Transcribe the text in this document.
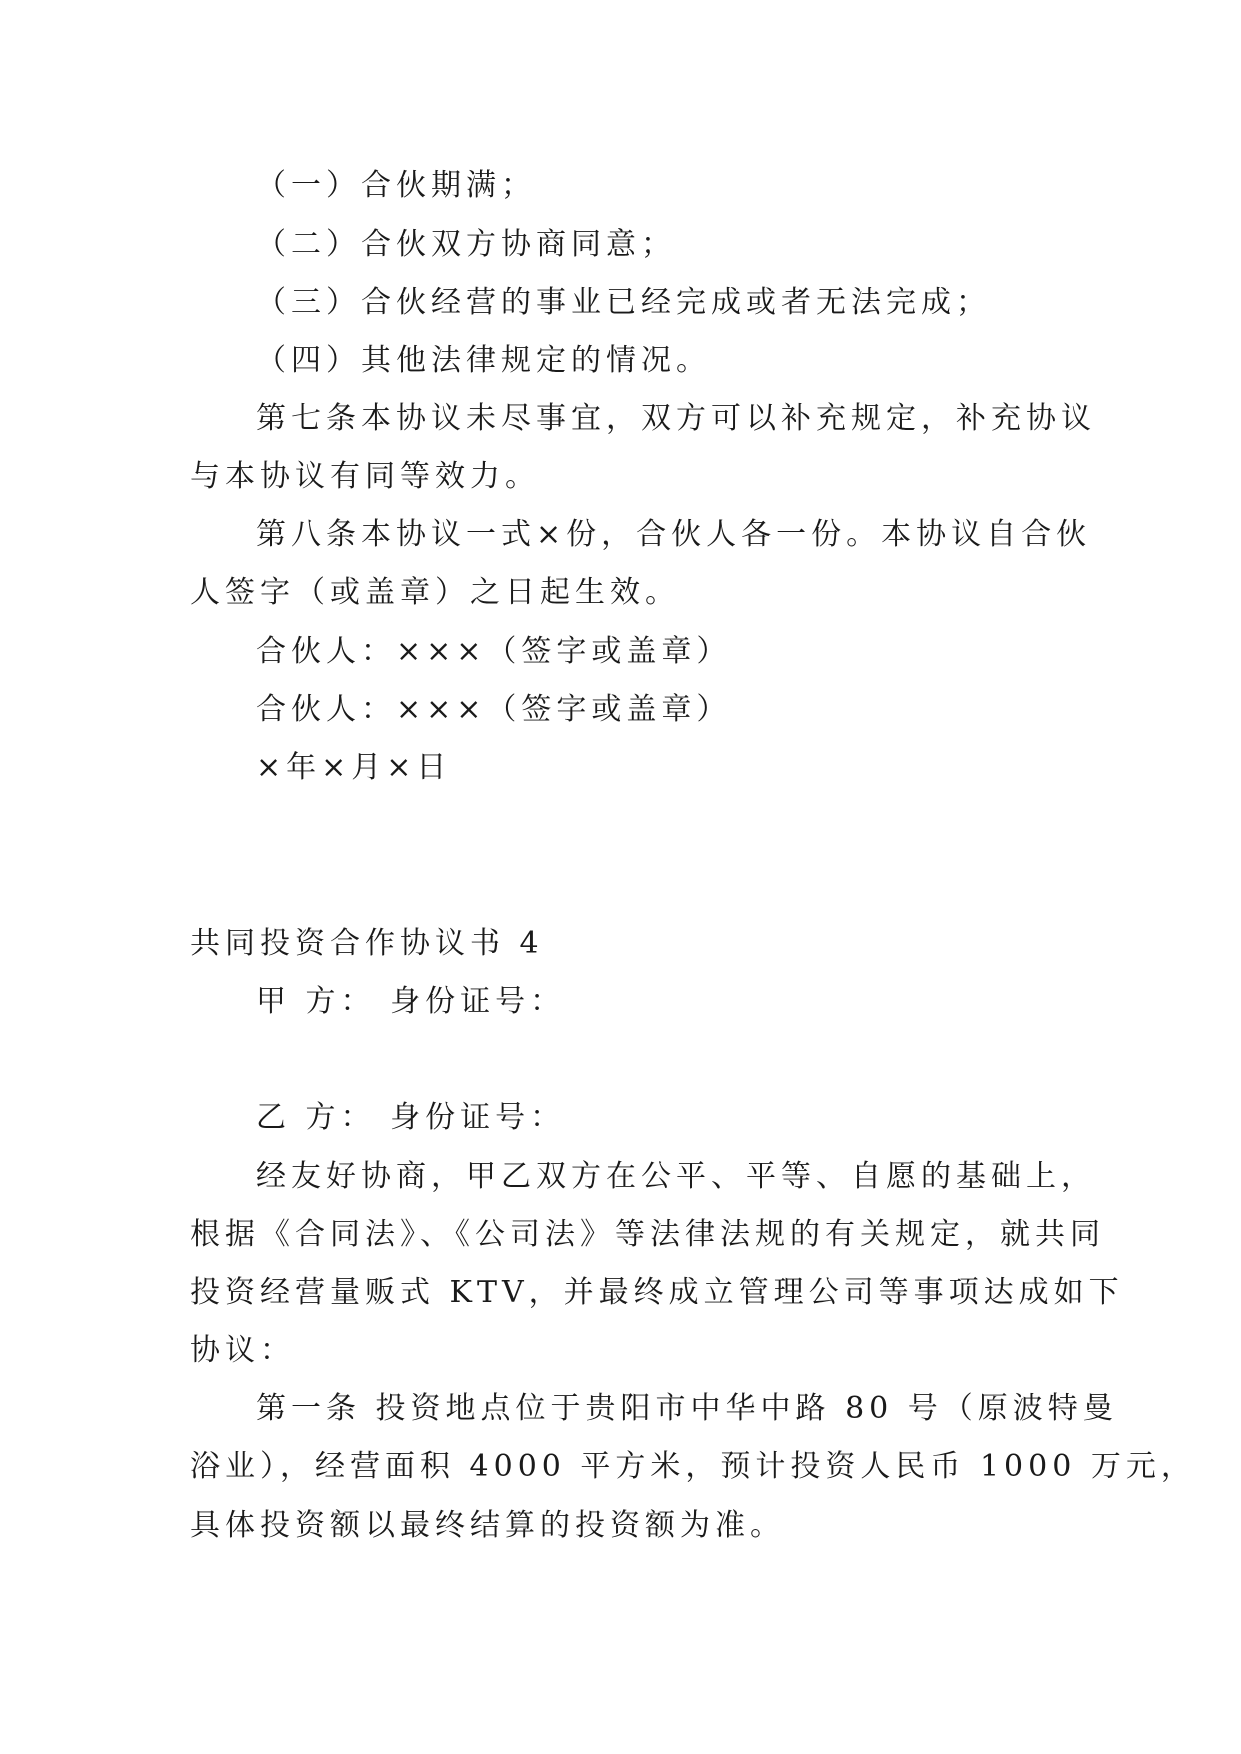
（一）合伙期满；
（二）合伙双方协商同意；
（三）合伙经营的事业已经完成或者无法完成；
（四）其他法律规定的情况。
第七条本协议未尽事宜，双方可以补充规定，补充协议
与本协议有同等效力。
第八条本协议一式×份，合伙人各一份。本协议自合伙
人签字（或盖章）之日起生效。
合伙人：×××（签字或盖章）
合伙人：×××（签字或盖章）
×年×月×日
共同投资合作协议书 4
甲 方： 身份证号：
乙 方： 身份证号：
经友好协商，甲乙双方在公平、平等、自愿的基础上，
根据《合同法》、《公司法》等法律法规的有关规定，就共同
投资经营量贩式 KTV，并最终成立管理公司等事项达成如下
协议：
第一条 投资地点位于贵阳市中华中路 80 号（原波特曼
浴业），经营面积 4000 平方米，预计投资人民币 1000 万元，
具体投资额以最终结算的投资额为准。
